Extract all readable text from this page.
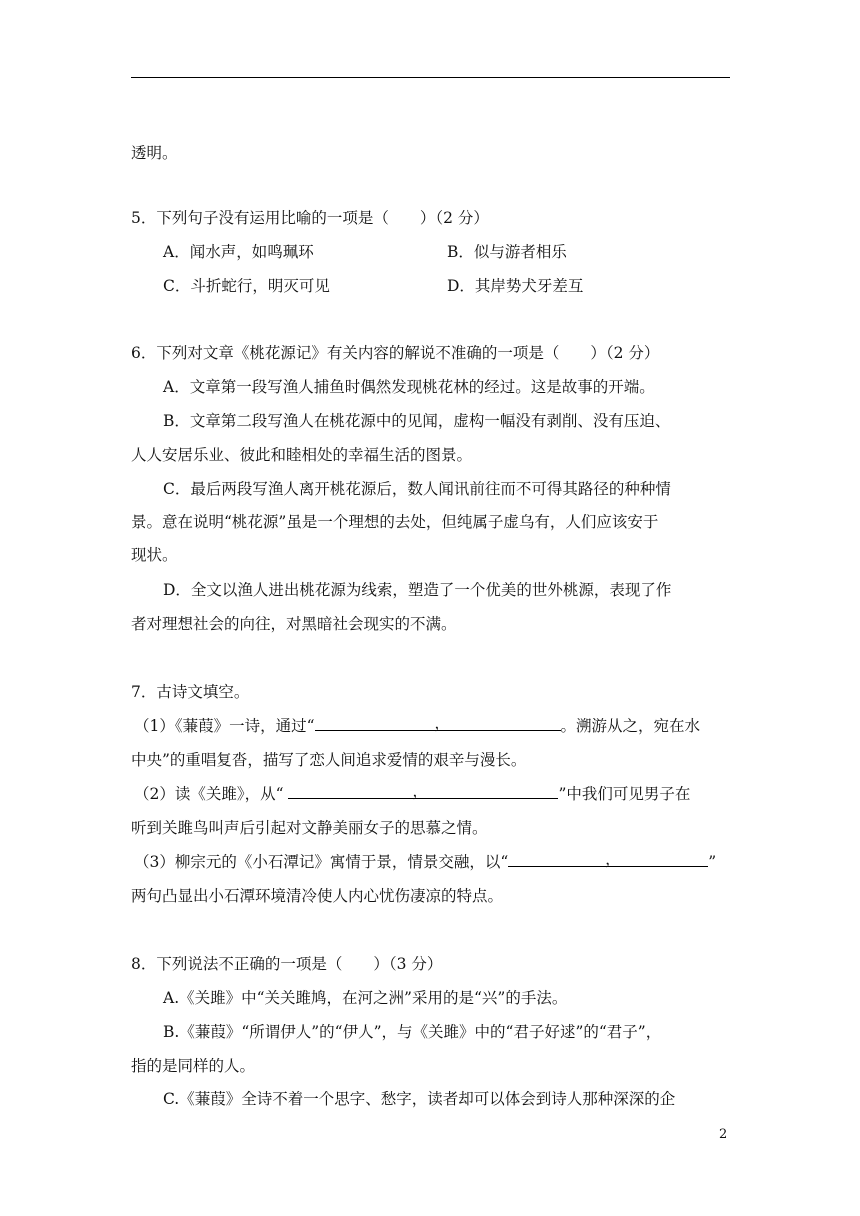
透明。
5．下列句子没有运用比喻的一项是（　　）（2 分）
A．闻水声，如鸣珮环	B．似与游者相乐
C．斗折蛇行，明灭可见	D．其岸势犬牙差互
6．下列对文章《桃花源记》有关内容的解说不准确的一项是（　　）（2 分）
A．文章第一段写渔人捕鱼时偶然发现桃花林的经过。这是故事的开端。
B．文章第二段写渔人在桃花源中的见闻，虚构一幅没有剥削、没有压迫、
人人安居乐业、彼此和睦相处的幸福生活的图景。
C．最后两段写渔人离开桃花源后，数人闻讯前往而不可得其路径的种种情
景。意在说明“桃花源”虽是一个理想的去处，但纯属子虚乌有，人们应该安于
现状。
D．全文以渔人进出桃花源为线索，塑造了一个优美的世外桃源，表现了作
者对理想社会的向往，对黑暗社会现实的不满。
7．古诗文填空。
（1）《蒹葭》一诗，通过“	，	。溯游从之，宛在水
中央”的重唱复沓，描写了恋人间追求爱情的艰辛与漫长。
（2）读《关雎》，从“	，	”中我们可见男子在
听到关雎鸟叫声后引起对文静美丽女子的思慕之情。
（3）柳宗元的《小石潭记》寓情于景，情景交融，以“	，	”
两句凸显出小石潭环境清冷使人内心忧伤凄凉的特点。
8．下列说法不正确的一项是（　　）（3 分）
A.《关雎》中“关关雎鸠，在河之洲”采用的是“兴”的手法。
B.《蒹葭》“所谓伊人”的“伊人”，与《关雎》中的“君子好逑”的“君子”，
指的是同样的人。
C.《蒹葭》全诗不着一个思字、愁字，读者却可以体会到诗人那种深深的企
2
